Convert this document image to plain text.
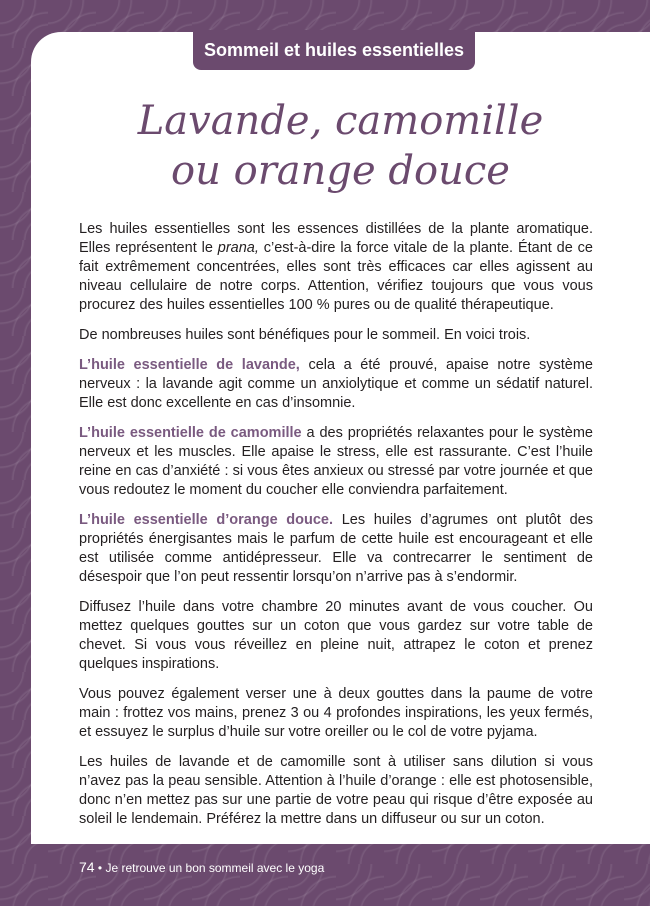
Sommeil et huiles essentielles
Lavande, camomille
ou orange douce

Les huiles essentielles sont les essences distillées de la plante aromatique. Elles représentent le prana, c’est-à-dire la force vitale de la plante. Étant de ce fait extrêmement concentrées, elles sont très efficaces car elles agissent au niveau cellulaire de notre corps. Attention, vérifiez toujours que vous vous procurez des huiles essentielles 100 % pures ou de qualité thérapeutique.

De nombreuses huiles sont bénéfiques pour le sommeil. En voici trois.

L’huile essentielle de lavande, cela a été prouvé, apaise notre système nerveux : la lavande agit comme un anxiolytique et comme un sédatif naturel. Elle est donc excellente en cas d’insomnie.

L’huile essentielle de camomille a des propriétés relaxantes pour le système nerveux et les muscles. Elle apaise le stress, elle est rassurante. C’est l’huile reine en cas d’anxiété : si vous êtes anxieux ou stressé par votre journée et que vous redoutez le moment du coucher elle conviendra parfaitement.

L’huile essentielle d’orange douce. Les huiles d’agrumes ont plutôt des propriétés énergisantes mais le parfum de cette huile est encourageant et elle est utilisée comme antidépresseur. Elle va contrecarrer le sentiment de désespoir que l’on peut ressentir lorsqu’on n’arrive pas à s’endormir.

Diffusez l’huile dans votre chambre 20 minutes avant de vous coucher. Ou mettez quelques gouttes sur un coton que vous gardez sur votre table de chevet. Si vous vous réveillez en pleine nuit, attrapez le coton et prenez quelques inspirations.

Vous pouvez également verser une à deux gouttes dans la paume de votre main : frottez vos mains, prenez 3 ou 4 profondes inspirations, les yeux fermés, et essuyez le surplus d’huile sur votre oreiller ou le col de votre pyjama.

Les huiles de lavande et de camomille sont à utiliser sans dilution si vous n’avez pas la peau sensible. Attention à l’huile d’orange : elle est photosensible, donc n’en mettez pas sur une partie de votre peau qui risque d’être exposée au soleil le lendemain. Préférez la mettre dans un diffuseur ou sur un coton.

74 • Je retrouve un bon sommeil avec le yoga
